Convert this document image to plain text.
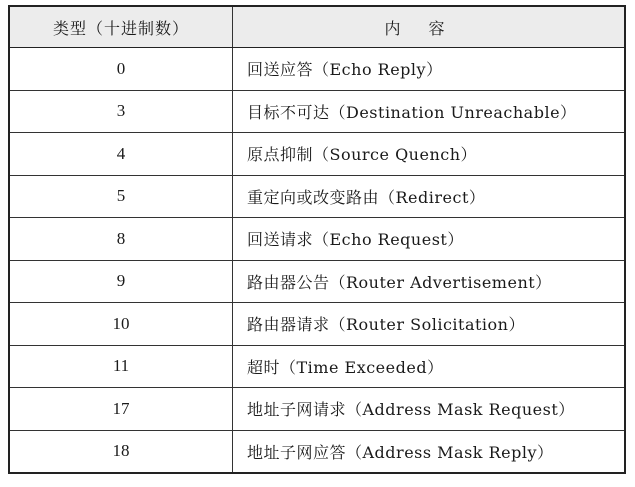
类型（十进制数）	内容
0	回送应答（Echo Reply）
3	目标不可达（Destination Unreachable）
4	原点抑制（Source Quench）
5	重定向或改变路由（Redirect）
8	回送请求（Echo Request）
9	路由器公告（Router Advertisement）
10	路由器请求（Router Solicitation）
11	超时（Time Exceeded）
17	地址子网请求（Address Mask Request）
18	地址子网应答（Address Mask Reply）
